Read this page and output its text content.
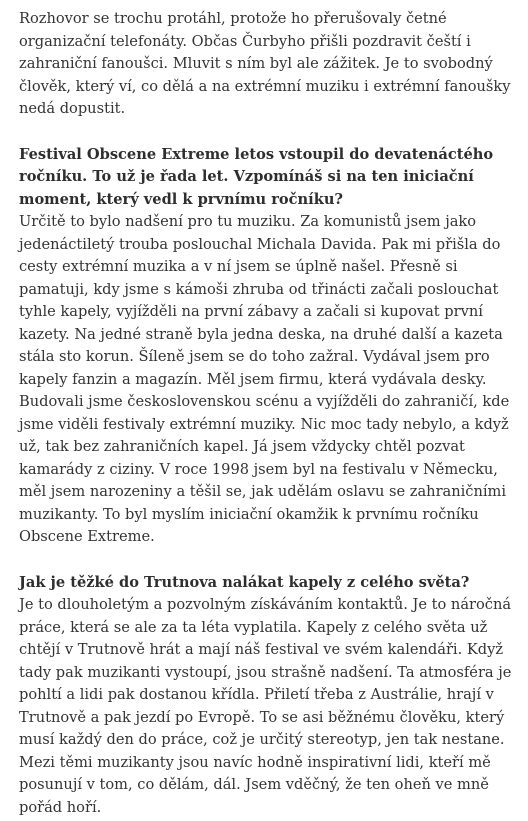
Rozhovor se trochu protáhl, protože ho přerušovaly četné organizační telefonáty. Občas Čurbyho přišli pozdravit čeští i zahraniční fanoušci. Mluvit s ním byl ale zážitek. Je to svobodný člověk, který ví, co dělá a na extrémní muziku i extrémní fanoušky nedá dopustit.

Festival Obscene Extreme letos vstoupil do devatenáctého ročníku. To už je řada let. Vzpomínáš si na ten iniciační moment, který vedl k prvnímu ročníku?

Určitě to bylo nadšení pro tu muziku. Za komunistů jsem jako jedenáctiletý trouba poslouchal Michala Davida. Pak mi přišla do cesty extrémní muzika a v ní jsem se úplně našel. Přesně si pamatuji, kdy jsme s kámoši zhruba od třinácti začali poslouchat tyhle kapely, vyjížděli na první zábavy a začali si kupovat první kazety. Na jedné straně byla jedna deska, na druhé další a kazeta stála sto korun. Šíleně jsem se do toho zažral. Vydával jsem pro kapely fanzin a magazín. Měl jsem firmu, která vydávala desky. Budovali jsme československou scénu a vyjížděli do zahraničí, kde jsme viděli festivaly extrémní muziky. Nic moc tady nebylo, a když už, tak bez zahraničních kapel. Já jsem vždycky chtěl pozvat kamarády z ciziny. V roce 1998 jsem byl na festivalu v Německu, měl jsem narozeniny a těšil se, jak udělám oslavu se zahraničními muzikanty. To byl myslím iniciační okamžik k prvnímu ročníku Obscene Extreme.

Jak je těžké do Trutnova nalákat kapely z celého světa?

Je to dlouholetým a pozvolným získáváním kontaktů. Je to náročná práce, která se ale za ta léta vyplatila. Kapely z celého světa už chtějí v Trutnově hrát a mají náš festival ve svém kalendáři. Když tady pak muzikanti vystoupí, jsou strašně nadšení. Ta atmosféra je pohltí a lidi pak dostanou křídla. Přiletí třeba z Austrálie, hrají v Trutnově a pak jezdí po Evropě. To se asi běžnému člověku, který musí každý den do práce, což je určitý stereotyp, jen tak nestane. Mezi těmi muzikanty jsou navíc hodně inspirativní lidi, kteří mě posunují v tom, co dělám, dál. Jsem vděčný, že ten oheň ve mně pořád hoří.
